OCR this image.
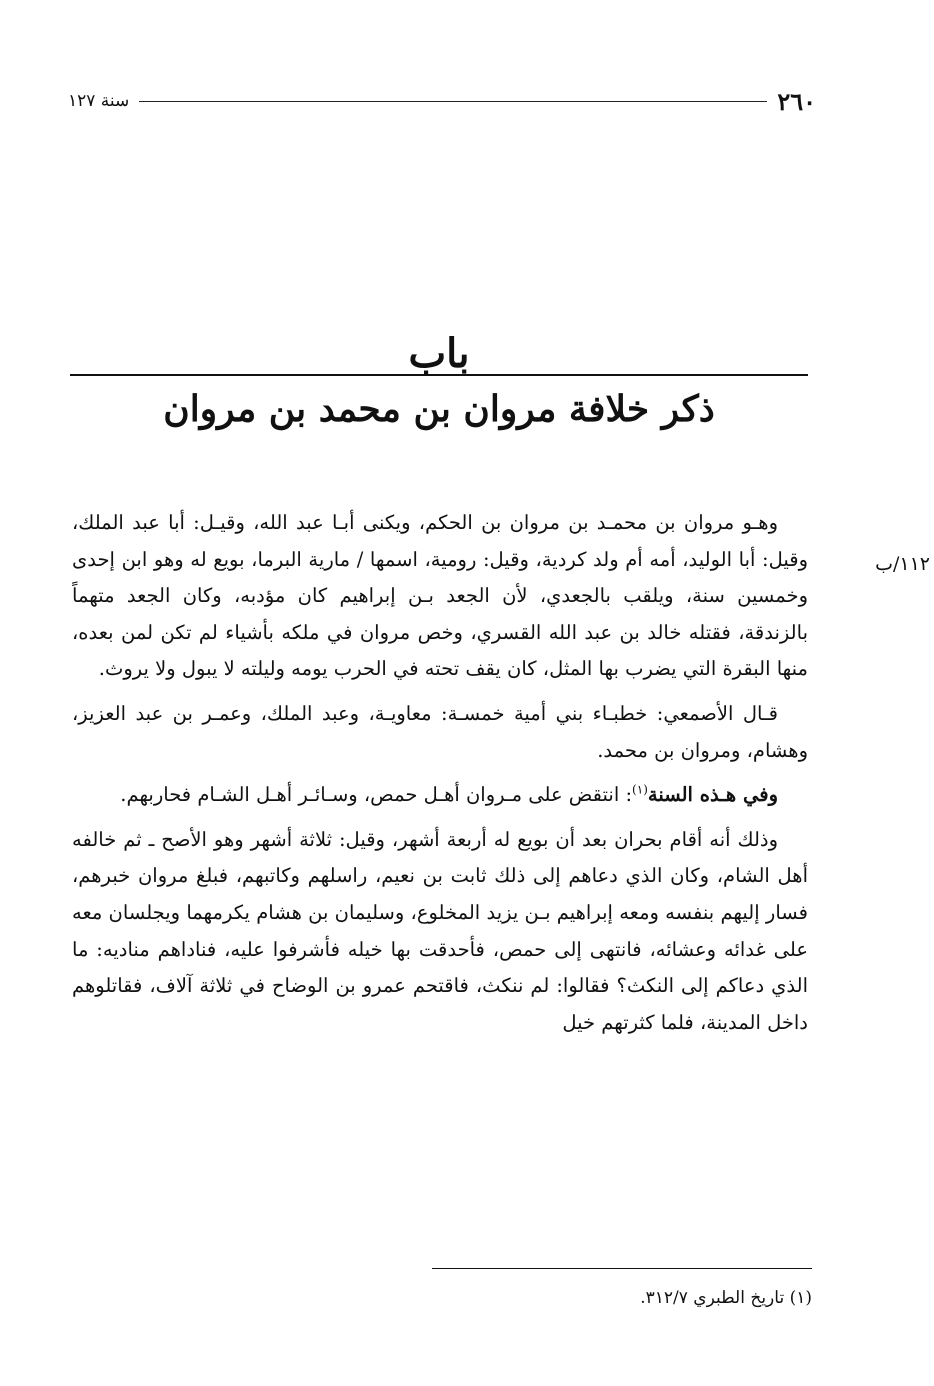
٢٦٠
سنة ١٢٧
باب
ذكر خلافة مروان بن محمد بن مروان
١١٢/ب

وهـو مروان بن محمـد بن مروان بن الحكم، ويكنى أبـا عبد الله، وقيـل: أبا عبد الملك، وقيل: أبا الوليد، أمه أم ولد كردية، وقيل: رومية، اسمها / مارية البرما، بويع له وهو ابن إحدى وخمسين سنة، ويلقب بالجعدي، لأن الجعد بـن إبراهيم كان مؤدبه، وكان الجعد متهماً بالزندقة، فقتله خالد بن عبد الله القسري، وخص مروان في ملكه بأشياء لم تكن لمن بعده، منها البقرة التي يضرب بها المثل، كان يقف تحته في الحرب يومه وليلته لا يبول ولا يروث.

قـال الأصمعي: خطبـاء بني أمية خمسـة: معاويـة، وعبد الملك، وعمـر بن عبد العزيز، وهشام، ومروان بن محمد.

وفي هـذه السنة$^{(١)}$: انتقض على مـروان أهـل حمص، وسـائـر أهـل الشـام فحاربهم.

وذلك أنه أقام بحران بعد أن بويع له أربعة أشهر، وقيل: ثلاثة أشهر وهو الأصح ـ ثم خالفه أهل الشام، وكان الذي دعاهم إلى ذلك ثابت بن نعيم، راسلهم وكاتبهم، فبلغ مروان خبرهم، فسار إليهم بنفسه ومعه إبراهيم بـن يزيد المخلوع، وسليمان بن هشام يكرمهما ويجلسان معه على غدائه وعشائه، فانتهى إلى حمص، فأحدقت بها خيله فأشرفوا عليه، فناداهم مناديه: ما الذي دعاكم إلى النكث؟ فقالوا: لم ننكث، فاقتحم عمرو بن الوضاح في ثلاثة آلاف، فقاتلوهم داخل المدينة، فلما كثرتهم خيل

(١) تاريخ الطبري ٣١٢/٧.
